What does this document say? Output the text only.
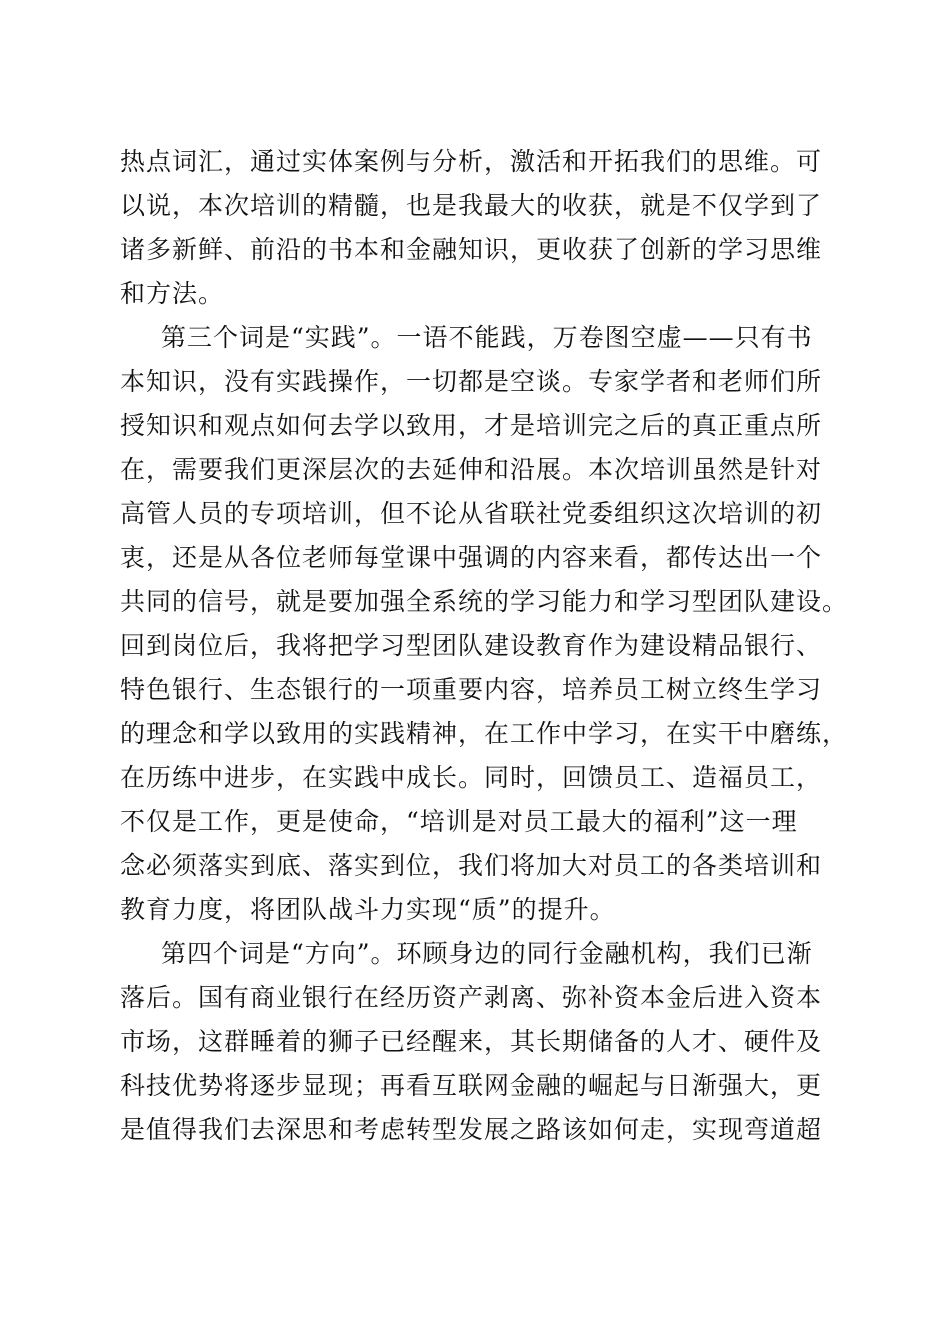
热点词汇，通过实体案例与分析，激活和开拓我们的思维。可
以说，本次培训的精髓，也是我最大的收获，就是不仅学到了
诸多新鲜、前沿的书本和金融知识，更收获了创新的学习思维
和方法。
第三个词是“实践”。一语不能践，万卷图空虚——只有书
本知识，没有实践操作，一切都是空谈。专家学者和老师们所
授知识和观点如何去学以致用，才是培训完之后的真正重点所
在，需要我们更深层次的去延伸和沿展。本次培训虽然是针对
高管人员的专项培训，但不论从省联社党委组织这次培训的初
衷，还是从各位老师每堂课中强调的内容来看，都传达出一个
共同的信号，就是要加强全系统的学习能力和学习型团队建设。
回到岗位后，我将把学习型团队建设教育作为建设精品银行、
特色银行、生态银行的一项重要内容，培养员工树立终生学习
的理念和学以致用的实践精神，在工作中学习，在实干中磨练，
在历练中进步，在实践中成长。同时，回馈员工、造福员工，
不仅是工作，更是使命，“培训是对员工最大的福利”这一理
念必须落实到底、落实到位，我们将加大对员工的各类培训和
教育力度，将团队战斗力实现“质”的提升。
第四个词是“方向”。环顾身边的同行金融机构，我们已渐
落后。国有商业银行在经历资产剥离、弥补资本金后进入资本
市场，这群睡着的狮子已经醒来，其长期储备的人才、硬件及
科技优势将逐步显现；再看互联网金融的崛起与日渐强大，更
是值得我们去深思和考虑转型发展之路该如何走，实现弯道超
